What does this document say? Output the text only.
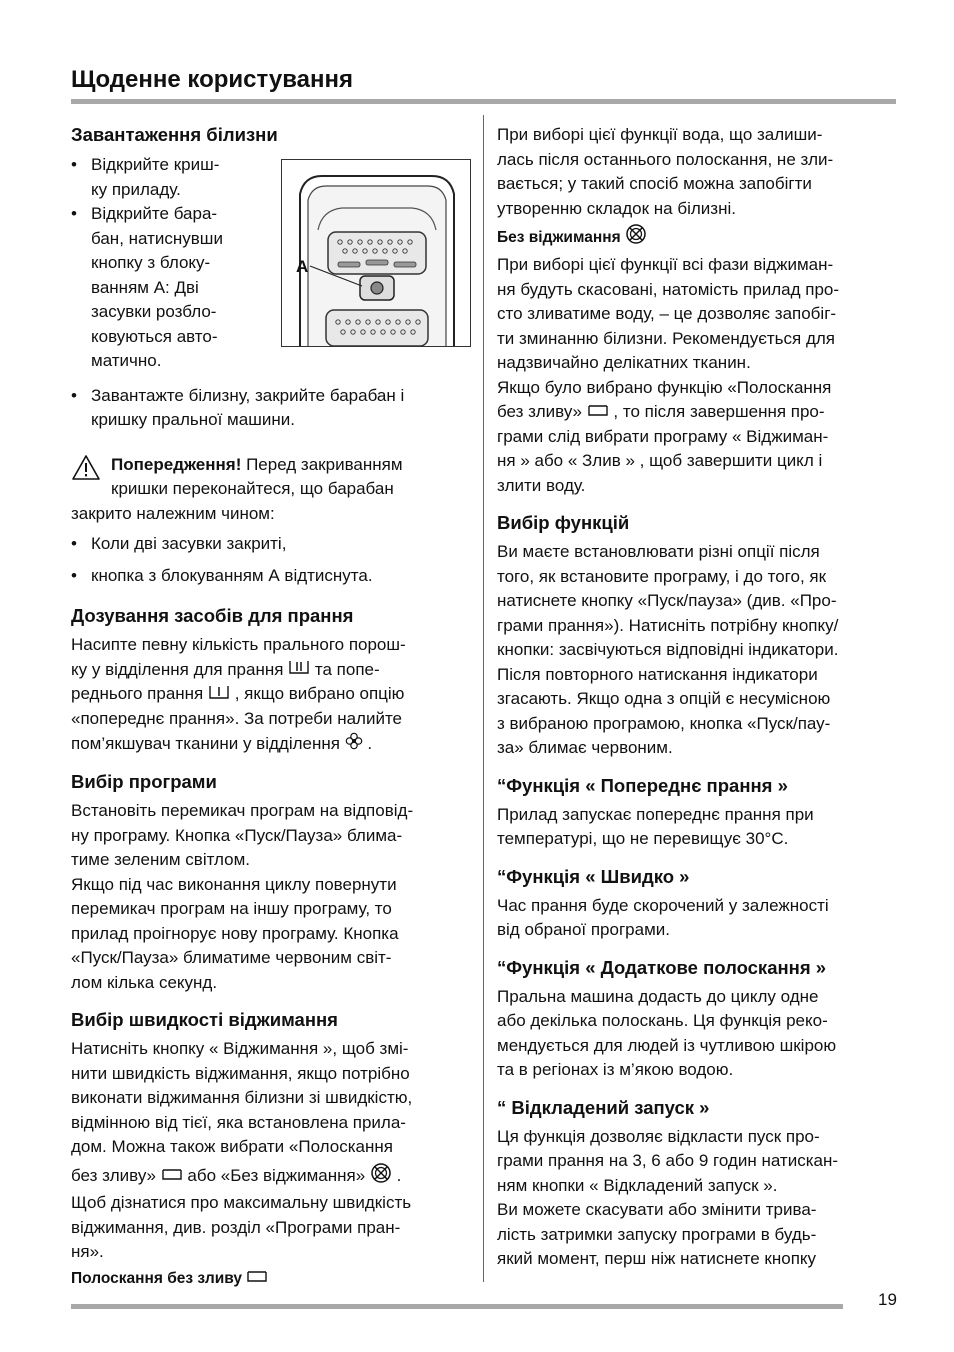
Щоденне користування
Завантаження білизни
• Відкрийте криш-
ку приладу.
• Відкрийте бара-
бан, натиснувши
кнопку з блоку-
ванням А: Дві
засувки розбло-
ковуються авто-
матично.
• Завантажте білизну, закрийте барабан і
кришку пральної машини.
A
Попередження! Перед закриванням
кришки переконайтеся, що барабан
закрито належним чином:
• Коли дві засувки закриті,
• кнопка з блокуванням А відтиснута.
Дозування засобів для прання
Насипте певну кількість прального порош-
ку у відділення для прання  та попе-
реднього прання  , якщо вибрано опцію
«попереднє прання». За потреби налийте
пом’якшувач тканини у відділення  .
Вибір програми
Встановіть перемикач програм на відповід-
ну програму. Кнопка «Пуск/Пауза» блима-
тиме зеленим світлом.
Якщо під час виконання циклу повернути
перемикач програм на іншу програму, то
прилад проігнорує нову програму. Кнопка
«Пуск/Пауза» блиматиме червоним світ-
лом кілька секунд.
Вибір швидкості віджимання
Натисніть кнопку « Віджимання », щоб змі-
нити швидкість віджимання, якщо потрібно
виконати віджимання білизни зі швидкістю,
відмінною від тієї, яка встановлена прила-
дом. Можна також вибрати «Полоскання
без зливу»  або «Без віджимання»  .
Щоб дізнатися про максимальну швидкість
віджимання, див. розділ «Програми пран-
ня».
Полоскання без зливу
При виборі цієї функції вода, що залиши-
лась після останнього полоскання, не зли-
вається; у такий спосіб можна запобігти
утворенню складок на білизні.
Без віджимання
При виборі цієї функції всі фази віджиман-
ня будуть скасовані, натомість прилад про-
сто зливатиме воду, – це дозволяє запобіг-
ти зминанню білизни. Рекомендується для
надзвичайно делікатних тканин.
Якщо було вибрано функцію «Полоскання
без зливу»  , то після завершення про-
грами слід вибрати програму « Віджиман-
ня » або « Злив » , щоб завершити цикл і
злити воду.
Вибір функцій
Ви маєте встановлювати різні опції після
того, як встановите програму, і до того, як
натиснете кнопку «Пуск/пауза» (див. «Про-
грами прання»). Натисніть потрібну кнопку/
кнопки: засвічуються відповідні індикатори.
Після повторного натискання індикатори
згасають. Якщо одна з опцій є несумісною
з вибраною програмою, кнопка «Пуск/пау-
за» блимає червоним.
“Функція « Попереднє прання »
Прилад запускає попереднє прання при
температурі, що не перевищує 30°C.
“Функція « Швидко »
Час прання буде скорочений у залежності
від обраної програми.
“Функція « Додаткове полоскання »
Пральна машина додасть до циклу одне
або декілька полоскань. Ця функція реко-
мендується для людей із чутливою шкірою
та в регіонах із м’якою водою.
“ Відкладений запуск »
Ця функція дозволяє відкласти пуск про-
грами прання на 3, 6 або 9 годин натискан-
ням кнопки « Відкладений запуск ».
Ви можете скасувати або змінити трива-
лість затримки запуску програми в будь-
який момент, перш ніж натиснете кнопку
19
